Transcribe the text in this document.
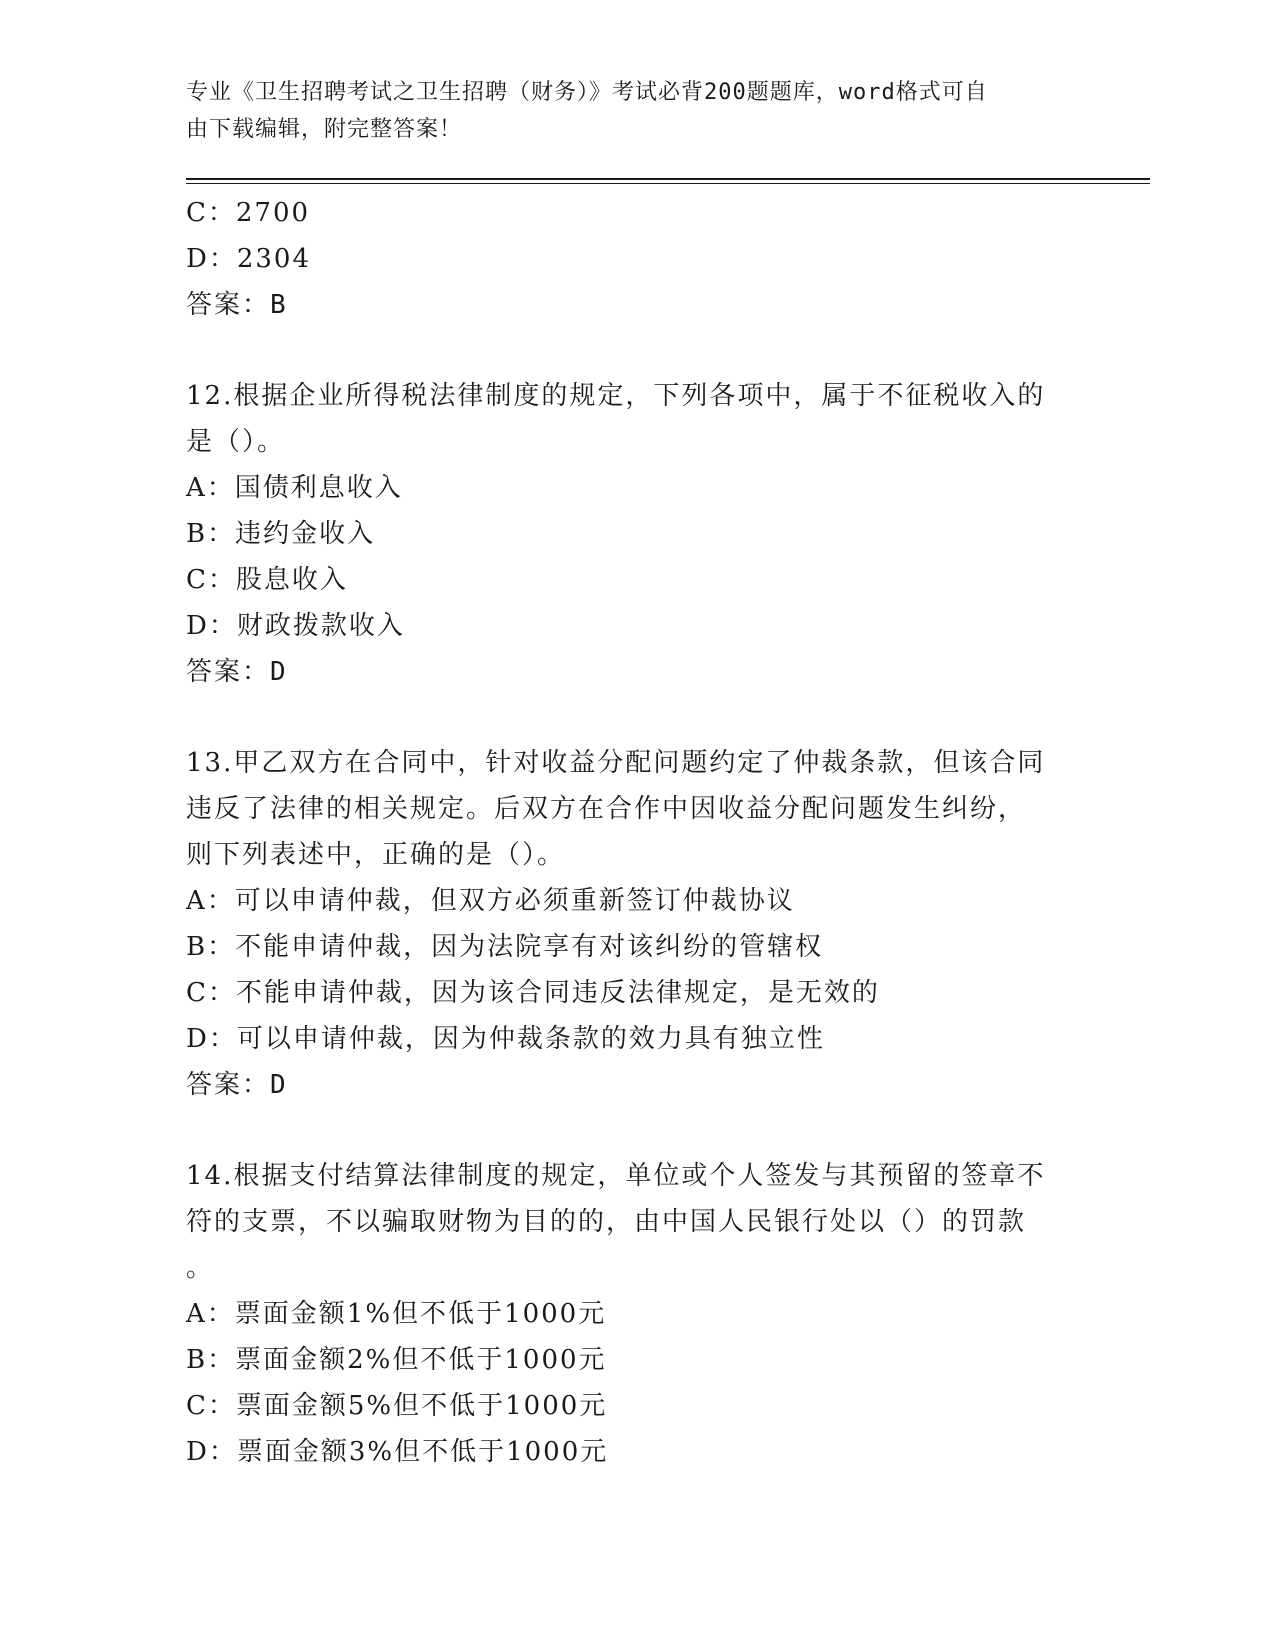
专业《卫生招聘考试之卫生招聘（财务）》考试必背200题题库，word格式可自
由下载编辑，附完整答案！
C：2700
D：2304
答案：B
12.根据企业所得税法律制度的规定，下列各项中，属于不征税收入的
是（）。
A：国债利息收入
B：违约金收入
C：股息收入
D：财政拨款收入
答案：D
13.甲乙双方在合同中，针对收益分配问题约定了仲裁条款，但该合同
违反了法律的相关规定。后双方在合作中因收益分配问题发生纠纷，
则下列表述中，正确的是（）。
A：可以申请仲裁，但双方必须重新签订仲裁协议
B：不能申请仲裁，因为法院享有对该纠纷的管辖权
C：不能申请仲裁，因为该合同违反法律规定，是无效的
D：可以申请仲裁，因为仲裁条款的效力具有独立性
答案：D
14.根据支付结算法律制度的规定，单位或个人签发与其预留的签章不
符的支票，不以骗取财物为目的的，由中国人民银行处以（）的罚款
。
A：票面金额1%但不低于1000元
B：票面金额2%但不低于1000元
C：票面金额5%但不低于1000元
D：票面金额3%但不低于1000元
